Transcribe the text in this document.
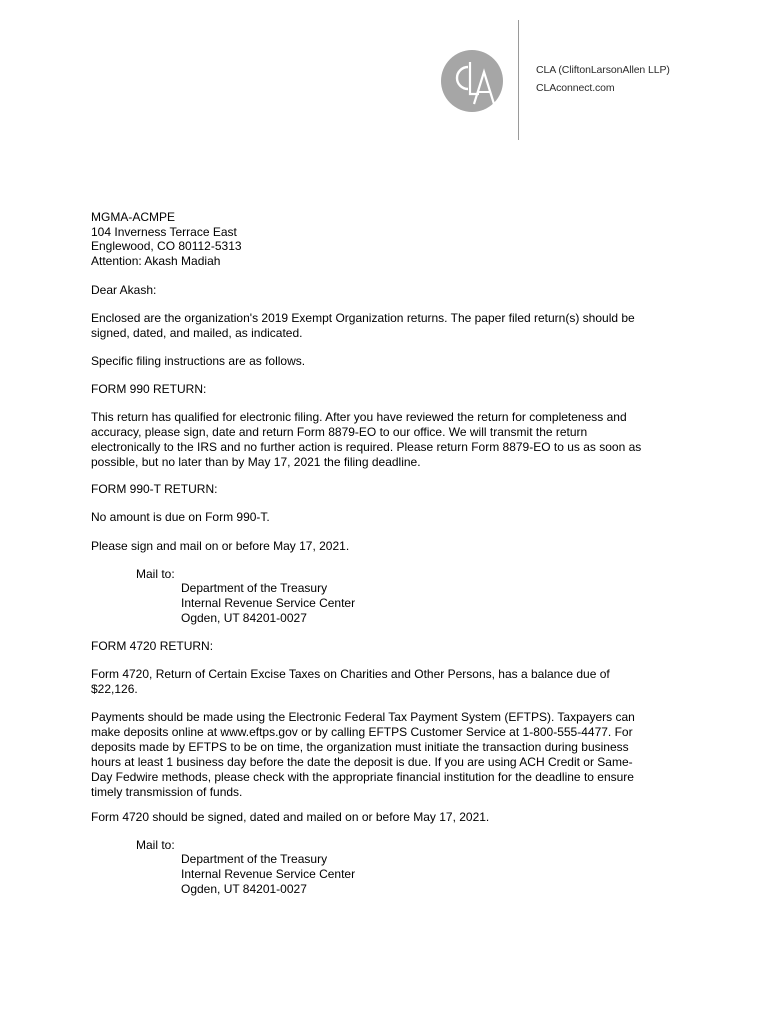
CLA (CliftonLarsonAllen LLP)
CLAconnect.com
MGMA-ACMPE
104 Inverness Terrace East
Englewood, CO 80112-5313
Attention: Akash Madiah
Dear Akash:
Enclosed are the organization's 2019 Exempt Organization returns. The paper filed return(s) should be
signed, dated, and mailed, as indicated.
Specific filing instructions are as follows.
FORM 990 RETURN:
This return has qualified for electronic filing. After you have reviewed the return for completeness and
accuracy, please sign, date and return Form 8879-EO to our office. We will transmit the return
electronically to the IRS and no further action is required. Please return Form 8879-EO to us as soon as
possible, but no later than by May 17, 2021 the filing deadline.
FORM 990-T RETURN:
No amount is due on Form 990-T.
Please sign and mail on or before May 17, 2021.
Mail to:
Department of the Treasury
Internal Revenue Service Center
Ogden, UT 84201-0027
FORM 4720 RETURN:
Form 4720, Return of Certain Excise Taxes on Charities and Other Persons, has a balance due of
$22,126.
Payments should be made using the Electronic Federal Tax Payment System (EFTPS). Taxpayers can
make deposits online at www.eftps.gov or by calling EFTPS Customer Service at 1-800-555-4477. For
deposits made by EFTPS to be on time, the organization must initiate the transaction during business
hours at least 1 business day before the date the deposit is due. If you are using ACH Credit or Same-
Day Fedwire methods, please check with the appropriate financial institution for the deadline to ensure
timely transmission of funds.
Form 4720 should be signed, dated and mailed on or before May 17, 2021.
Mail to:
Department of the Treasury
Internal Revenue Service Center
Ogden, UT 84201-0027
